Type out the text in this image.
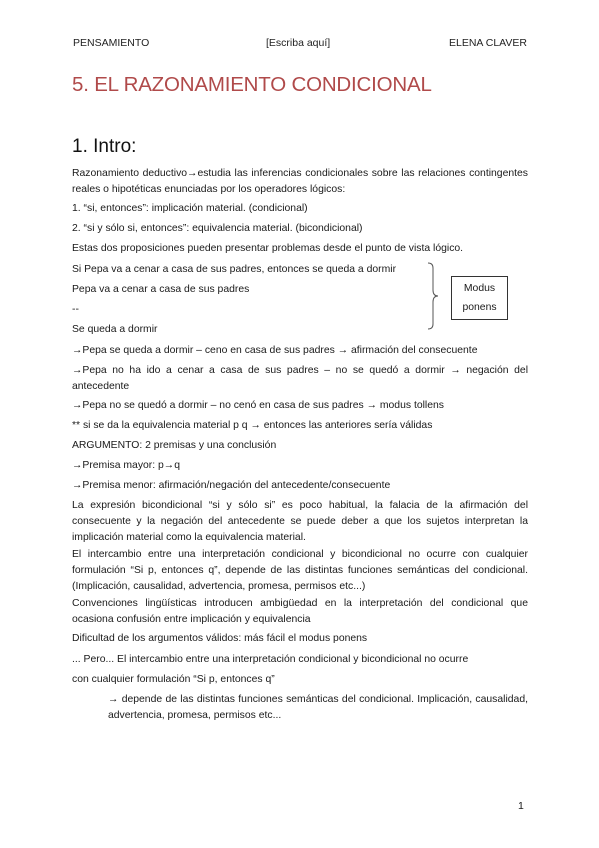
PENSAMIENTO	[Escriba aquí]	ELENA CLAVER
5. EL RAZONAMIENTO CONDICIONAL
1. Intro:

Razonamiento deductivo→estudia las inferencias condicionales sobre las relaciones contingentes reales o hipotéticas enunciadas por los operadores lógicos:

1. “si, entonces”: implicación material. (condicional)

2. “si y sólo si, entonces”: equivalencia material. (bicondicional)

Estas dos proposiciones pueden presentar problemas desde el punto de vista lógico.

Si Pepa va a cenar a casa de sus padres, entonces se queda a dormir

Pepa va a cenar a casa de sus padres

--

Se queda a dormir

Modus
ponens

→Pepa se queda a dormir – ceno en casa de sus padres → afirmación del consecuente

→Pepa no ha ido a cenar a casa de sus padres – no se quedó a dormir → negación del antecedente

→Pepa no se quedó a dormir – no cenó en casa de sus padres → modus tollens

** si se da la equivalencia material p q → entonces las anteriores sería válidas

ARGUMENTO: 2 premisas y una conclusión

→Premisa mayor: p→q

→Premisa menor: afirmación/negación del antecedente/consecuente

La expresión bicondicional “si y sólo si” es poco habitual, la falacia de la afirmación del consecuente y la negación del antecedente se puede deber a que los sujetos interpretan la implicación material como la equivalencia material.

El intercambio entre una interpretación condicional y bicondicional no ocurre con cualquier formulación “Si p, entonces q”, depende de las distintas funciones semánticas del condicional. (Implicación, causalidad, advertencia, promesa, permisos etc...)

Convenciones lingüísticas introducen ambigüedad en la interpretación del condicional que ocasiona confusión entre implicación y equivalencia

Dificultad de los argumentos válidos: más fácil el modus ponens

... Pero... El intercambio entre una interpretación condicional y bicondicional no ocurre

con cualquier formulación “Si p, entonces q”

→ depende de las distintas funciones semánticas del condicional. Implicación, causalidad, advertencia, promesa, permisos etc...

1
